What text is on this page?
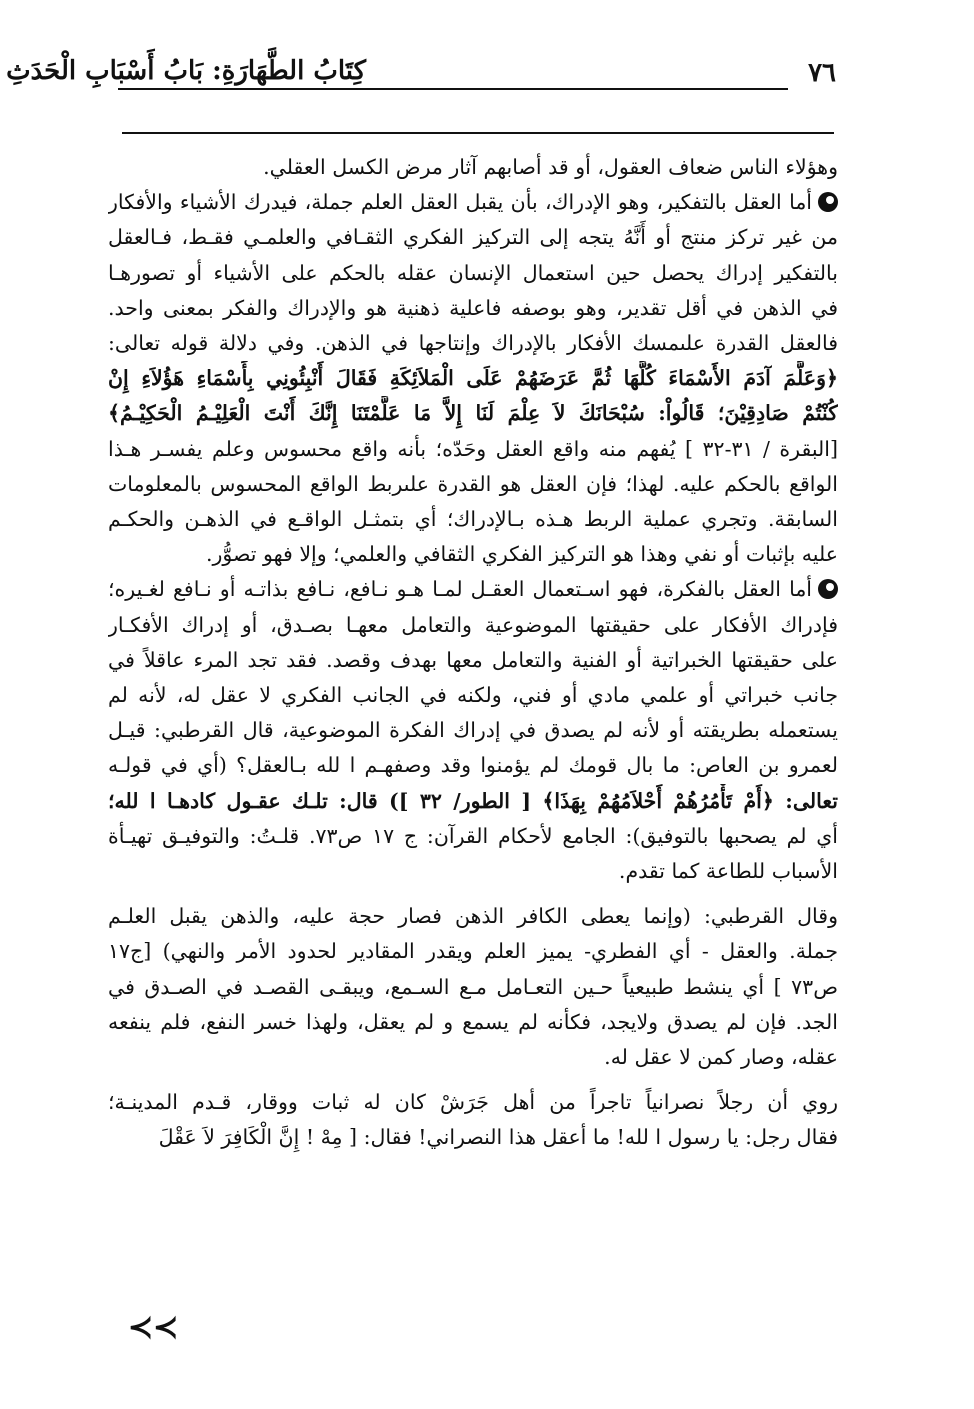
٧٦
كِتَابُ الطَّهَارَةِ: بَابُ أَسْبَابِ الْحَدَثِ

وهؤلاء الناس ضعاف العقول، أو قد أصابهم آثار مرض الكسل العقلي.

أما العقل بالتفكير، وهو الإدراك، بأن يقبل العقل العلم جملة، فيدرك الأشياء والأفكار
من غير تركز منتج أو أَنَّهُ يتجه إلى التركيز الفكري الثقـافي والعلمـي فقـط، فـالعقل
بالتفكير إدراك يحصل حين استعمال الإنسان عقله بالحكم على الأشياء أو تصورهـا
في الذهن في أقل تقدير، وهو بوصفه فاعلية ذهنية هو والإدراك والفكر بمعنى واحد.
فالعقل القدرة علىمسك الأفكار بالإدراك وإنتاجها في الذهن. وفي دلالة قوله تعالى:
﴿وَعَلَّمَ آدَمَ الأَسْمَاءَ كُلَّهَا ثُمَّ عَرَضَهُمْ عَلَى الْمَلاَئِكَةِ فَقَالَ أَنْبِئُونِي بِأَسْمَاءِ هَؤُلاَءِ إِنْ
كُنْتُمْ صَادِقِيْنَ؛ قَالُواْ: سُبْحَانَكَ لاَ عِلْمَ لَنَا إِلاَّ مَا عَلَّمْتَنَا إِنَّكَ أَنْتَ الْعَلِيْـمُ الْحَكِيْـمُ﴾
[البقرة / ٣١-٣٢ ] يُفهم منه واقع العقل وحَدّه؛ بأنه واقع محسوس وعلم يفسـر هـذا
الواقع بالحكم عليه. لهذا؛ فإن العقل هو القدرة علىربط الواقع المحسوس بالمعلومات
السابقة. وتجري عملية الربط هـذه بـالإدراك؛ أي بتمثـل الواقـع في الذهـن والحكـم
عليه بإثبات أو نفي وهذا هو التركيز الفكري الثقافي والعلمي؛ وإلا فهو تصوُّر.

أما العقل بالفكرة، فهو اسـتعمال العقـل لمـا هـو نـافع، نـافع بذاتـه أو نـافع لغـيره؛
فإدراك الأفكار على حقيقتها الموضوعية والتعامل معهـا بصـدق، أو إدراك الأفكـار
على حقيقتها الخبراتية أو الفنية والتعامل معها بهدف وقصد. فقد تجد المرء عاقلاً في
جانب خبراتي أو علمي مادي أو فني، ولكنه في الجانب الفكري لا عقل له، لأنه لم
يستعمله بطريقته أو لأنه لم يصدق في إدراك الفكرة الموضوعية، قال القرطبي: قيـل
لعمرو بن العاص: ما بال قومك لم يؤمنوا وقد وصفهـم ا لله بـالعقل؟ (أي في قولـه
تعالى: ﴿أَمْ تَأْمُرُهُمْ أَحْلاَمُهُمْ بِهَذَا﴾ [ الطور/ ٣٢ ]) قال: تلـك عقـول كادهـا ا لله؛
أي لم يصحبها بالتوفيق): الجامع لأحكام القرآن: ج ١٧ ص٧٣. قلـتُ: والتوفيـق تهيـأة
الأسباب للطاعة كما تقدم.

وقال القرطبي: (وإنما يعطى الكافر الذهن فصار حجة عليه، والذهن يقبل العلـم
جملة. والعقل - أي الفطري- يميز العلم ويقدر المقادير لحدود الأمر والنهي) [ج١٧
ص٧٣ ] أي ينشط طبيعياً حـين التعـامل مـع السـمع، ويبقـى القصـد في الصـدق في
الجد. فإن لم يصدق ولايجد، فكأنه لم يسمع و لم يعقل، ولهذا خسر النفع، فلم ينفعه
عقله، وصار كمن لا عقل له.

روي أن رجلاً نصرانياً تاجراً من أهل جَرَشْ كان له ثبات ووقار، قـدم المدينـة؛
فقال رجل: يا رسول ا لله! ما أعقل هذا النصراني! فقال: [ مِهْ ! إِنَّ الْكَافِرَ لاَ عَقْلَ

≺≺
